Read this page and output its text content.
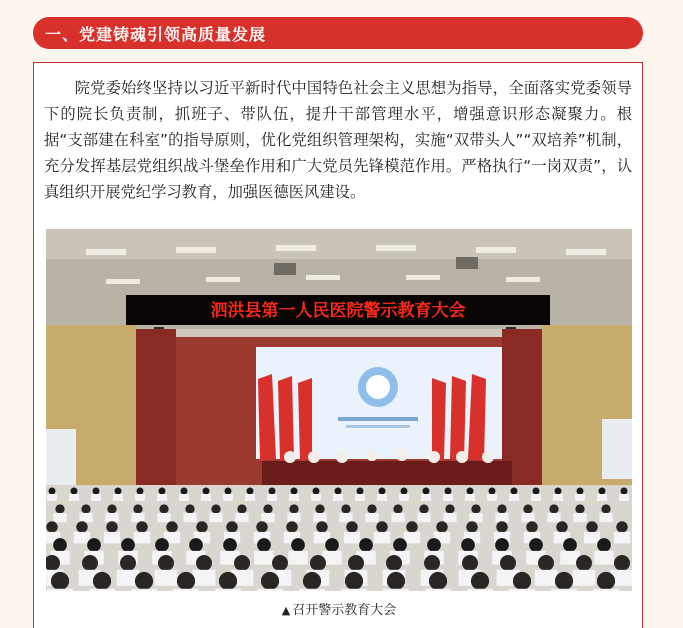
一、党建铸魂引领高质量发展

院党委始终坚持以习近平新时代中国特色社会主义思想为指导，全面落实党委领导下的院长负责制，抓班子、带队伍，提升干部管理水平，增强意识形态凝聚力。根据“支部建在科室”的指导原则，优化党组织管理架构，实施“双带头人”“双培养”机制，充分发挥基层党组织战斗堡垒作用和广大党员先锋模范作用。严格执行“一岗双责”，认真组织开展党纪学习教育，加强医德医风建设。

泗洪县第一人民医院警示教育大会
▲ 召开警示教育大会
